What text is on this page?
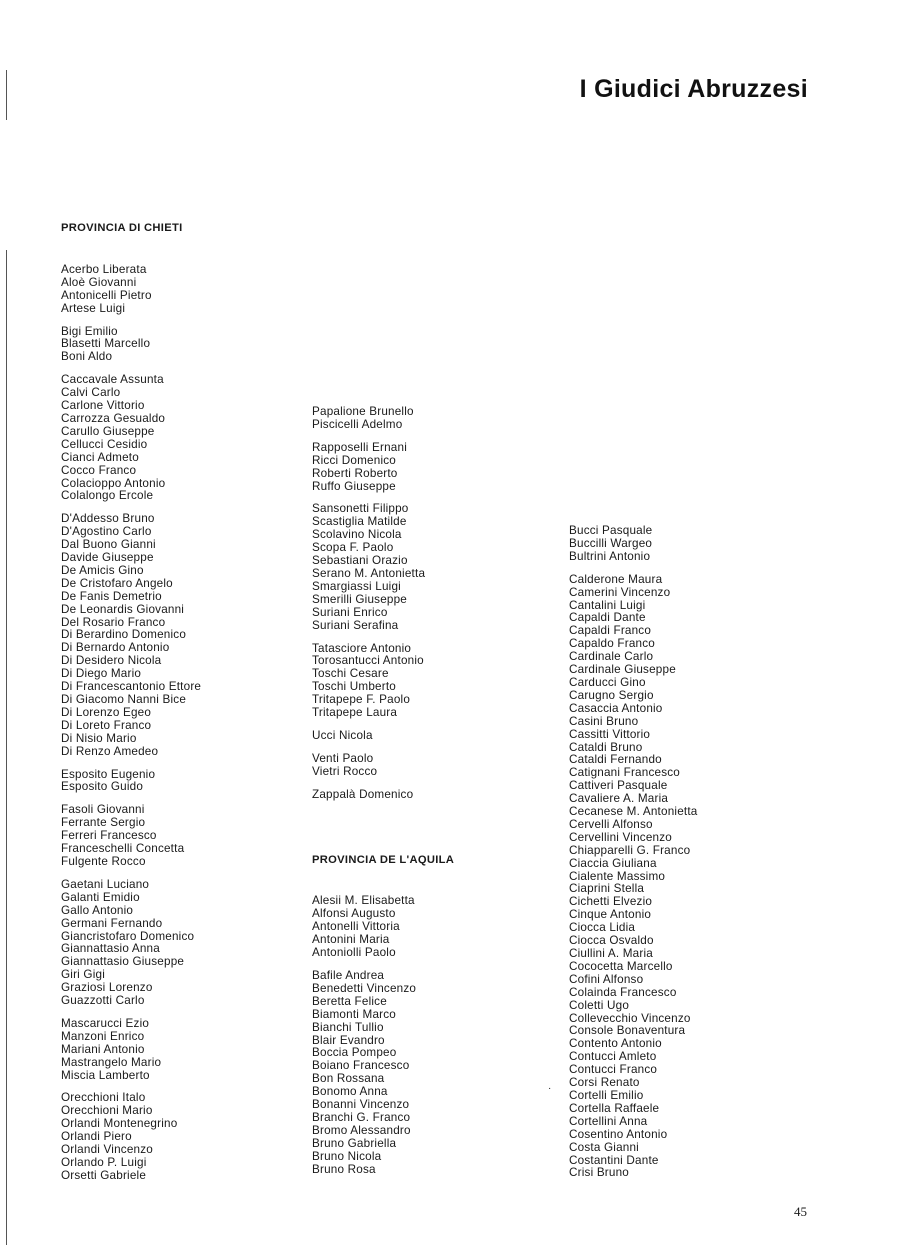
I Giudici Abruzzesi
PROVINCIA DI CHIETI
Acerbo Liberata
Aloè Giovanni
Antonicelli Pietro
Artese Luigi
Bigi Emilio
Blasetti Marcello
Boni Aldo
Caccavale Assunta
Calvi Carlo
Carlone Vittorio
Carrozza Gesualdo
Carullo Giuseppe
Cellucci Cesidio
Cianci Admeto
Cocco Franco
Colacioppo Antonio
Colalongo Ercole
D'Addesso Bruno
D'Agostino Carlo
Dal Buono Gianni
Davide Giuseppe
De Amicis Gino
De Cristofaro Angelo
De Fanis Demetrio
De Leonardis Giovanni
Del Rosario Franco
Di Berardino Domenico
Di Bernardo Antonio
Di Desidero Nicola
Di Diego Mario
Di Francescantonio Ettore
Di Giacomo Nanni Bice
Di Lorenzo Egeo
Di Loreto Franco
Di Nisio Mario
Di Renzo Amedeo
Esposito Eugenio
Esposito Guido
Fasoli Giovanni
Ferrante Sergio
Ferreri Francesco
Franceschelli Concetta
Fulgente Rocco
Gaetani Luciano
Galanti Emidio
Gallo Antonio
Germani Fernando
Giancristofaro Domenico
Giannattasio Anna
Giannattasio Giuseppe
Giri Gigi
Graziosi Lorenzo
Guazzotti Carlo
Mascarucci Ezio
Manzoni Enrico
Mariani Antonio
Mastrangelo Mario
Miscia Lamberto
Orecchioni Italo
Orecchioni Mario
Orlandi Montenegrino
Orlandi Piero
Orlandi Vincenzo
Orlando P. Luigi
Orsetti Gabriele
Papalione Brunello
Piscicelli Adelmo
Rapposelli Ernani
Ricci Domenico
Roberti Roberto
Ruffo Giuseppe
Sansonetti Filippo
Scastiglia Matilde
Scolavino Nicola
Scopa F. Paolo
Sebastiani Orazio
Serano M. Antonietta
Smargiassi Luigi
Smerilli Giuseppe
Suriani Enrico
Suriani Serafina
Tatasciore Antonio
Torosantucci Antonio
Toschi Cesare
Toschi Umberto
Tritapepe F. Paolo
Tritapepe Laura
Ucci Nicola
Venti Paolo
Vietri Rocco
Zappalà Domenico
PROVINCIA DE L'AQUILA
Alesii M. Elisabetta
Alfonsi Augusto
Antonelli Vittoria
Antonini Maria
Antoniolli Paolo
Bafile Andrea
Benedetti Vincenzo
Beretta Felice
Biamonti Marco
Bianchi Tullio
Blair Evandro
Boccia Pompeo
Boiano Francesco
Bon Rossana
Bonomo Anna
Bonanni Vincenzo
Branchi G. Franco
Bromo Alessandro
Bruno Gabriella
Bruno Nicola
Bruno Rosa
Bucci Pasquale
Buccilli Wargeo
Bultrini Antonio
Calderone Maura
Camerini Vincenzo
Cantalini Luigi
Capaldi Dante
Capaldi Franco
Capaldo Franco
Cardinale Carlo
Cardinale Giuseppe
Carducci Gino
Carugno Sergio
Casaccia Antonio
Casini Bruno
Cassitti Vittorio
Cataldi Bruno
Cataldi Fernando
Catignani Francesco
Cattiveri Pasquale
Cavaliere A. Maria
Cecanese M. Antonietta
Cervelli Alfonso
Cervellini Vincenzo
Chiapparelli G. Franco
Ciaccia Giuliana
Cialente Massimo
Ciaprini Stella
Cichetti Elvezio
Cinque Antonio
Ciocca Lidia
Ciocca Osvaldo
Ciullini A. Maria
Cococetta Marcello
Cofini Alfonso
Colainda Francesco
Coletti Ugo
Collevecchio Vincenzo
Console Bonaventura
Contento Antonio
Contucci Amleto
Contucci Franco
Corsi Renato
Cortelli Emilio
Cortella Raffaele
Cortellini Anna
Cosentino Antonio
Costa Gianni
Costantini Dante
Crisi Bruno
·
45
